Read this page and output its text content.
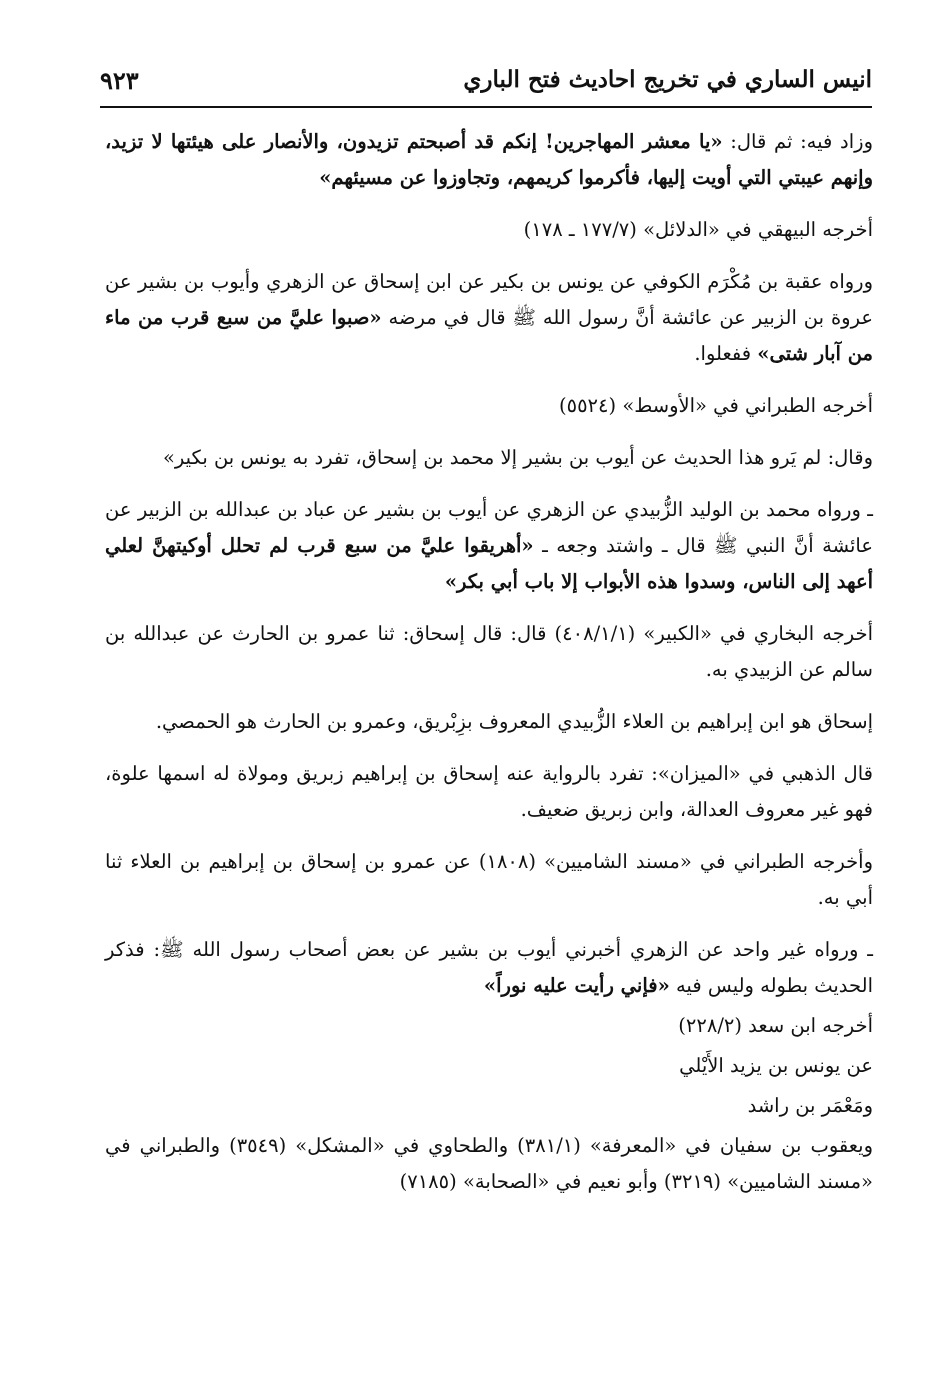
انيس الساري في تخريج احاديث فتح الباري
٩٢٣

وزاد فيه: ثم قال: «يا معشر المهاجرين! إنكم قد أصبحتم تزيدون، والأنصار على هيئتها لا تزيد، وإنهم عيبتي التي أويت إليها، فأكرموا كريمهم، وتجاوزوا عن مسيئهم»

أخرجه البيهقي في «الدلائل» (١٧٧/٧ ـ ١٧٨)

ورواه عقبة بن مُكْرَم الكوفي عن يونس بن بكير عن ابن إسحاق عن الزهري وأيوب بن بشير عن عروة بن الزبير عن عائشة أنَّ رسول الله ﷺ قال في مرضه «صبوا عليَّ من سبع قرب من ماء من آبار شتى» ففعلوا.

أخرجه الطبراني في «الأوسط» (٥٥٢٤)

وقال: لم يَرو هذا الحديث عن أيوب بن بشير إلا محمد بن إسحاق، تفرد به يونس بن بكير»

ـ ورواه محمد بن الوليد الزُّبيدي عن الزهري عن أيوب بن بشير عن عباد بن عبدالله بن الزبير عن عائشة أنَّ النبي ﷺ قال ـ واشتد وجعه ـ «أهريقوا عليَّ من سبع قرب لم تحلل أوكيتهنَّ لعلي أعهد إلى الناس، وسدوا هذه الأبواب إلا باب أبي بكر»

أخرجه البخاري في «الكبير» (٤٠٨/١/١) قال: قال إسحاق: ثنا عمرو بن الحارث عن عبدالله بن سالم عن الزبيدي به.

إسحاق هو ابن إبراهيم بن العلاء الزُّبيدي المعروف بزِبْريق، وعمرو بن الحارث هو الحمصي.

قال الذهبي في «الميزان»: تفرد بالرواية عنه إسحاق بن إبراهيم زبريق ومولاة له اسمها علوة، فهو غير معروف العدالة، وابن زبريق ضعيف.

وأخرجه الطبراني في «مسند الشاميين» (١٨٠٨) عن عمرو بن إسحاق بن إبراهيم بن العلاء ثنا أبي به.

ـ ورواه غير واحد عن الزهري أخبرني أيوب بن بشير عن بعض أصحاب رسول الله ﷺ: فذكر الحديث بطوله وليس فيه «فإني رأيت عليه نوراً»

أخرجه ابن سعد (٢٢٨/٢)

عن يونس بن يزيد الأَيْلي

ومَعْمَر بن راشد

ويعقوب بن سفيان في «المعرفة» (٣٨١/١) والطحاوي في «المشكل» (٣٥٤٩) والطبراني في «مسند الشاميين» (٣٢١٩) وأبو نعيم في «الصحابة» (٧١٨٥)
